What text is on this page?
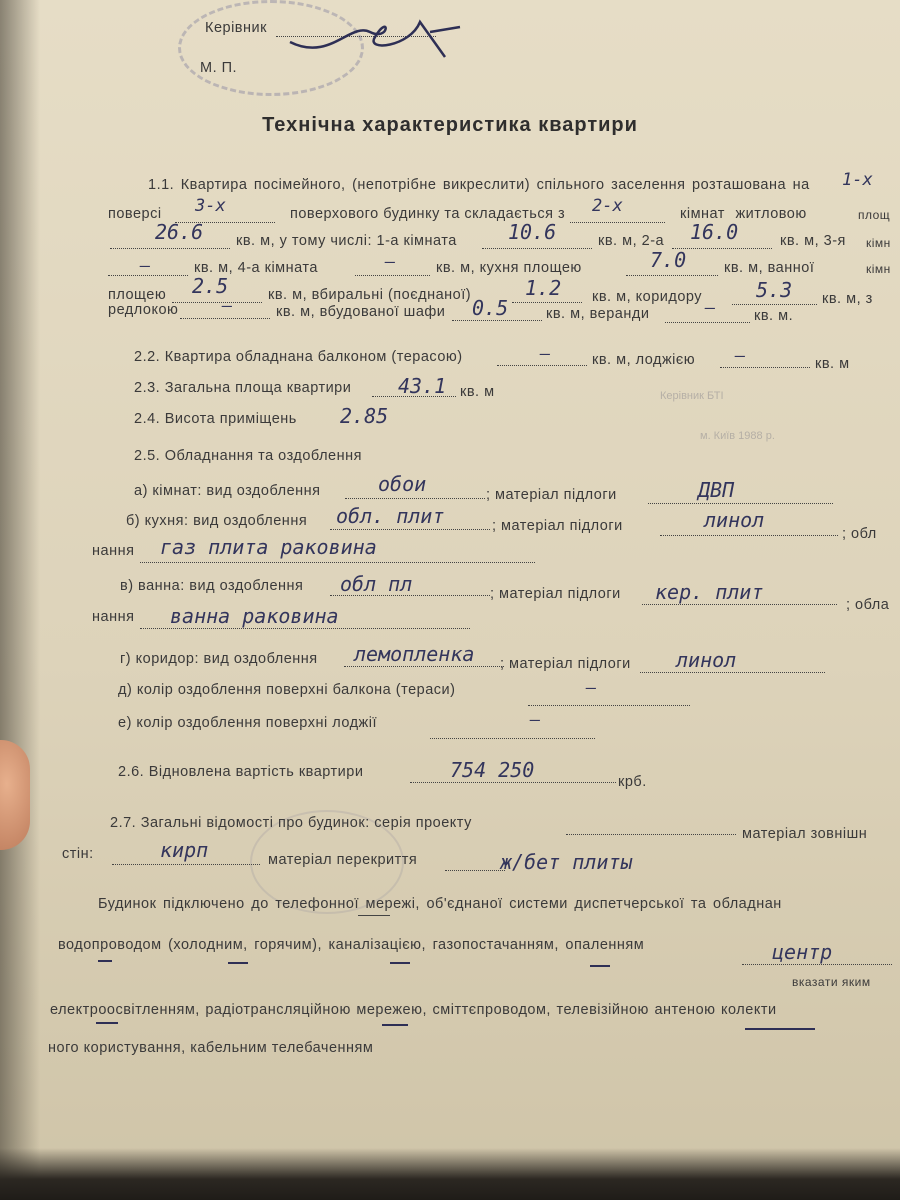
Керівник
М. П.
Технічна характеристика квартири
1.1. Квартира посімейного, (непотрібне викреслити) спільного заселення розташована на 1-х
поверсі 3-х	поверхового будинку та складається з 2-х	кімнат житловою	площ
26.6 кв. м, у тому числі: 1-а кімната	10.6	кв. м, 2-а 16.0	кв. м, 3-я кімн
—	кв. м, 4-а кімната	—	кв. м, кухня площею	7.0	кв. м, ванної	кімн
площею 2.5	кв. м, вбиральні (поєднаної)	1.2 кв. м, коридору	5.3 кв. м, з
редлокою	—	кв. м, вбудованої шафи 0.5	кв. м, веранди	—	кв. м.
2.2. Квартира обладнана балконом (терасою)	—	кв. м, лоджією —	кв. м
2.3. Загальна площа квартири 43.1 кв. м
2.4. Висота приміщень 2.85
2.5. Обладнання та оздоблення
а) кімнат: вид оздоблення	обои	; матеріал підлоги	ДВП
б) кухня: вид оздоблення обл. плит	; матеріал підлоги	линол
; обл
нання газ плита раковина
в) ванна: вид оздоблення обл пл	; матеріал підлоги кер. плит
; обла
нання ванна раковина
г) коридор: вид оздоблення лемопленка ; матеріал підлоги линол
д) колір оздоблення поверхні балкона (тераси)	—
е) колір оздоблення поверхні лоджії	—
2.6. Відновлена вартість квартири	754 250	крб.
2.7. Загальні відомості про будинок: серія проекту
матеріал зовнішн
стін:	кирп	матеріал перекриття	ж/бет плиты
Будинок підключено до телефонної мережі, об'єднаної системи диспетчерської та обладнан
водопроводом (холодним, горячим), каналізацією, газопостачанням, опаленням	центр
вказати яким
електроосвітленням, радіотрансляційною мережею, сміттєпроводом, телевізійною антеною колекти
ного користування, кабельним телебаченням
Керівник БТІ
м. Київ 1988 р.
